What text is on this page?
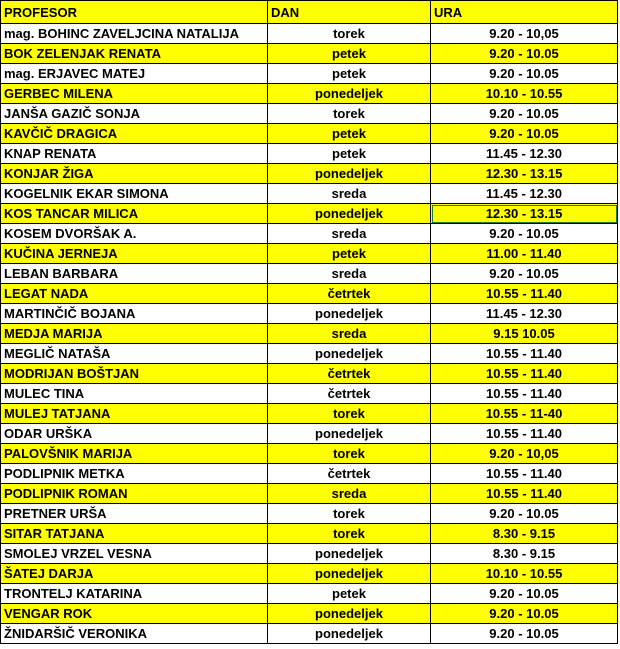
PROFESOR	DAN	URA
mag. BOHINC ZAVELJCINA NATALIJA	torek	9.20 - 10,05
BOK ZELENJAK RENATA	petek	9.20 - 10.05
mag. ERJAVEC MATEJ	petek	9.20 - 10.05
GERBEC MILENA	ponedeljek	10.10 - 10.55
JANŠA GAZIČ SONJA	torek	9.20 - 10.05
KAVČIČ DRAGICA	petek	9.20 - 10.05
KNAP RENATA	petek	11.45 - 12.30
KONJAR ŽIGA	ponedeljek	12.30 - 13.15
KOGELNIK EKAR SIMONA	sreda	11.45 - 12.30
KOS TANCAR MILICA	ponedeljek	12.30 - 13.15
KOSEM DVORŠAK A.	sreda	9.20 - 10.05
KUČINA JERNEJA	petek	11.00 - 11.40
LEBAN BARBARA	sreda	9.20 - 10.05
LEGAT NADA	četrtek	10.55 - 11.40
MARTINČIČ BOJANA	ponedeljek	11.45 - 12.30
MEDJA MARIJA	sreda	9.15 10.05
MEGLIČ NATAŠA	ponedeljek	10.55 - 11.40
MODRIJAN BOŠTJAN	četrtek	10.55 - 11.40
MULEC TINA	četrtek	10.55 - 11.40
MULEJ TATJANA	torek	10.55 - 11-40
ODAR URŠKA	ponedeljek	10.55 - 11.40
PALOVŠNIK MARIJA	torek	9.20 - 10,05
PODLIPNIK METKA	četrtek	10.55 - 11.40
PODLIPNIK ROMAN	sreda	10.55 - 11.40
PRETNER URŠA	torek	9.20 - 10.05
SITAR TATJANA	torek	8.30 - 9.15
SMOLEJ VRZEL VESNA	ponedeljek	8.30 - 9.15
ŠATEJ DARJA	ponedeljek	10.10 - 10.55
TRONTELJ KATARINA	petek	9.20 - 10.05
VENGAR ROK	ponedeljek	9.20 - 10.05
ŽNIDARŠIČ VERONIKA	ponedeljek	9.20 - 10.05
